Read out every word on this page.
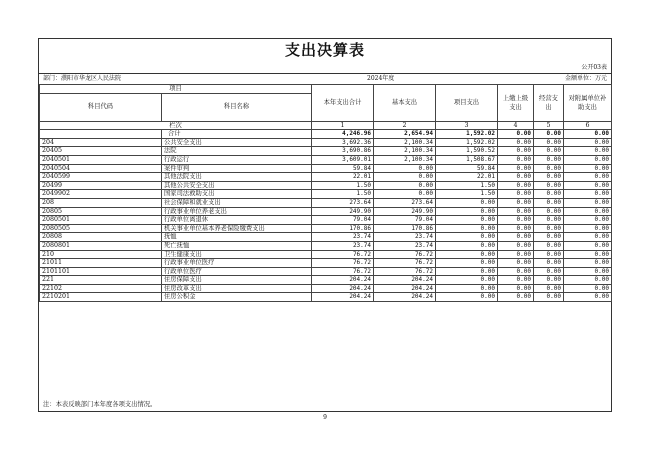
支出决算表
公开03表
部门：濮阳市华龙区人民法院	2024年度	金额单位：万元
项目		本年支出合计	基本支出	项目支出	上缴上级支出	经营支出	对附属单位补助支出
科目代码	科目名称						
栏次		1	2	3	4	5	6
	合计	4,246.96	2,654.94	1,592.02	0.00	0.00	0.00
204	公共安全支出	3,692.36	2,100.34	1,592.02	0.00	0.00	0.00
20405	法院	3,690.86	2,100.34	1,590.52	0.00	0.00	0.00
2040501	行政运行	3,609.01	2,100.34	1,508.67	0.00	0.00	0.00
2040504	案件审判	59.84	0.00	59.84	0.00	0.00	0.00
2040599	其他法院支出	22.01	0.00	22.01	0.00	0.00	0.00
20499	其他公共安全支出	1.50	0.00	1.50	0.00	0.00	0.00
2049902	国家司法救助支出	1.50	0.00	1.50	0.00	0.00	0.00
208	社会保障和就业支出	273.64	273.64	0.00	0.00	0.00	0.00
20805	行政事业单位养老支出	249.90	249.90	0.00	0.00	0.00	0.00
2080501	行政单位离退休	79.04	79.04	0.00	0.00	0.00	0.00
2080505	机关事业单位基本养老保险缴费支出	170.86	170.86	0.00	0.00	0.00	0.00
20808	抚恤	23.74	23.74	0.00	0.00	0.00	0.00
2080801	死亡抚恤	23.74	23.74	0.00	0.00	0.00	0.00
210	卫生健康支出	76.72	76.72	0.00	0.00	0.00	0.00
21011	行政事业单位医疗	76.72	76.72	0.00	0.00	0.00	0.00
2101101	行政单位医疗	76.72	76.72	0.00	0.00	0.00	0.00
221	住房保障支出	204.24	204.24	0.00	0.00	0.00	0.00
22102	住房改革支出	204.24	204.24	0.00	0.00	0.00	0.00
2210201	住房公积金	204.24	204.24	0.00	0.00	0.00	0.00
注：本表反映部门本年度各项支出情况。
9
